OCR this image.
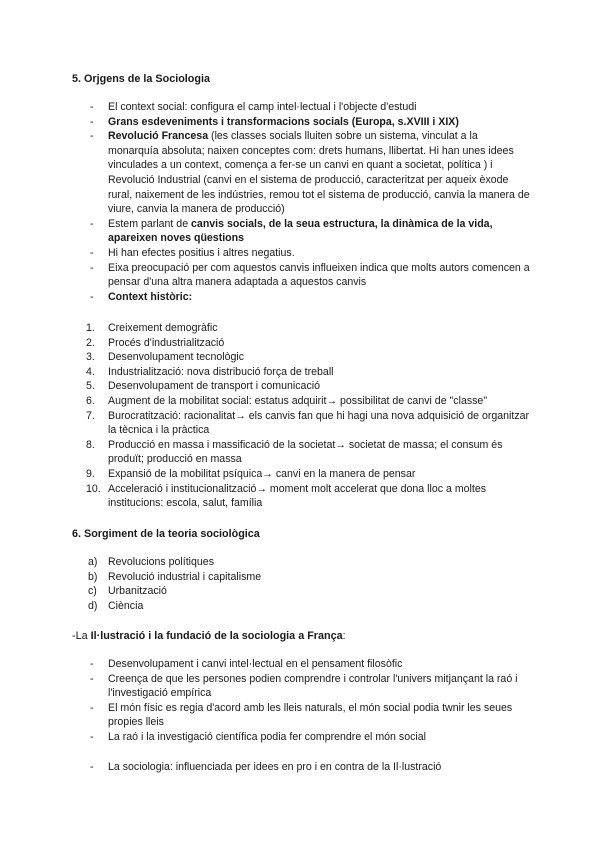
5. Orjgens de la Sociologia
- El context social: configura el camp intel·lectual i l'objecte d'estudi
- Grans esdeveniments i transformacions socials (Europa, s.XVIII i XIX)
- Revolució Francesa (les classes socials lluiten sobre un sistema, vinculat a la monarquía absoluta; naixen conceptes com: drets humans, llibertat. Hi han unes idees vinculades a un context, comença a fer-se un canvi en quant a societat, política ) i Revolució Industrial (canvi en el sistema de producció, caracteritzat per aqueix èxode rural, naixement de les indústries, remou tot el sistema de producció, canvia la manera de viure, canvia la manera de producció)
- Estem parlant de canvis socials, de la seua estructura, la dinàmica de la vida, apareixen noves qüestions
- Hi han efectes positius i altres negatius.
- Eixa preocupació per com aquestos canvis influeixen indica que molts autors comencen a pensar d'una altra manera adaptada a aquestos canvis
- Context històric:
1.	Creixement demogràfic
2.	Procés d'industrialització
3.	Desenvolupament tecnològic
4.	Industrialització: nova distribució força de treball
5.	Desenvolupament de transport i comunicació
6.	Augment de la mobilitat social: estatus adquirit→ possibilitat de canvi de "classe"
7.	Burocratització: racionalitat→ els canvis fan que hi hagi una nova adquisició de organitzar la tècnica i la pràctica
8.	Producció en massa i massificació de la societat→ societat de massa; el consum és produït; producció en massa
9.	Expansió de la mobilitat psíquica→ canvi en la manera de pensar
10. Acceleració i institucionalització→ moment molt accelerat que dona lloc a moltes institucions: escola, salut, família
6. Sorgiment de la teoria sociològica
a) Revolucions polítiques
b) Revolució industrial i capitalisme
c)	Urbanització
d) Ciència
-La Il·lustració i la fundació de la sociologia a França:
- Desenvolupament i canvi intel·lectual en el pensament filosòfic
- Creença de que les persones podien comprendre i controlar l'univers mitjançant la raó i l'investigació empírica
- El món físic es regia d'acord amb les lleis naturals, el món social podia twnir les seues propies lleis
- La raó i la investigació científica podia fer comprendre el món social
- La sociologia: influenciada per idees en pro i en contra de la Il·lustració
